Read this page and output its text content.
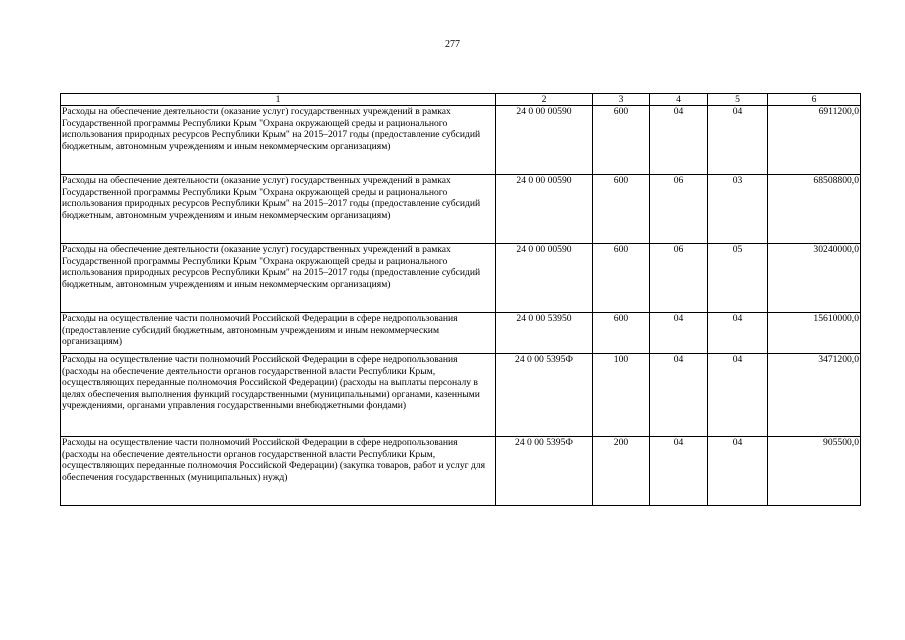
277
1	2	3	4	5	6
Расходы на обеспечение деятельности (оказание услуг) государственных учреждений в рамках Государственной программы Республики Крым "Охрана окружающей среды и рационального использования природных ресурсов Республики Крым" на 2015–2017 годы (предоставление субсидий бюджетным, автономным учреждениям и иным некоммерческим организациям)	24 0 00 00590	600	04	04	6911200,0
Расходы на обеспечение деятельности (оказание услуг) государственных учреждений в рамках Государственной программы Республики Крым "Охрана окружающей среды и рационального использования природных ресурсов Республики Крым" на 2015–2017 годы (предоставление субсидий бюджетным, автономным учреждениям и иным некоммерческим организациям)	24 0 00 00590	600	06	03	68508800,0
Расходы на обеспечение деятельности (оказание услуг) государственных учреждений в рамках Государственной программы Республики Крым "Охрана окружающей среды и рационального использования природных ресурсов Республики Крым" на 2015–2017 годы (предоставление субсидий бюджетным, автономным учреждениям и иным некоммерческим организациям)	24 0 00 00590	600	06	05	30240000,0
Расходы на осуществление части полномочий Российской Федерации в сфере недропользования (предоставление субсидий бюджетным, автономным учреждениям и иным некоммерческим организациям)	24 0 00 53950	600	04	04	15610000,0
Расходы на осуществление части полномочий Российской Федерации в сфере недропользования (расходы на обеспечение деятельности органов государственной власти Республики Крым, осуществляющих переданные полномочия Российской Федерации) (расходы на выплаты персоналу в целях обеспечения выполнения функций государственными (муниципальными) органами, казенными учреждениями, органами управления государственными внебюджетными фондами)	24 0 00 5395Ф	100	04	04	3471200,0
Расходы на осуществление части полномочий Российской Федерации в сфере недропользования (расходы на обеспечение деятельности органов государственной власти Республики Крым, осуществляющих переданные полномочия Российской Федерации) (закупка товаров, работ и услуг для обеспечения государственных (муниципальных) нужд)	24 0 00 5395Ф	200	04	04	905500,0
